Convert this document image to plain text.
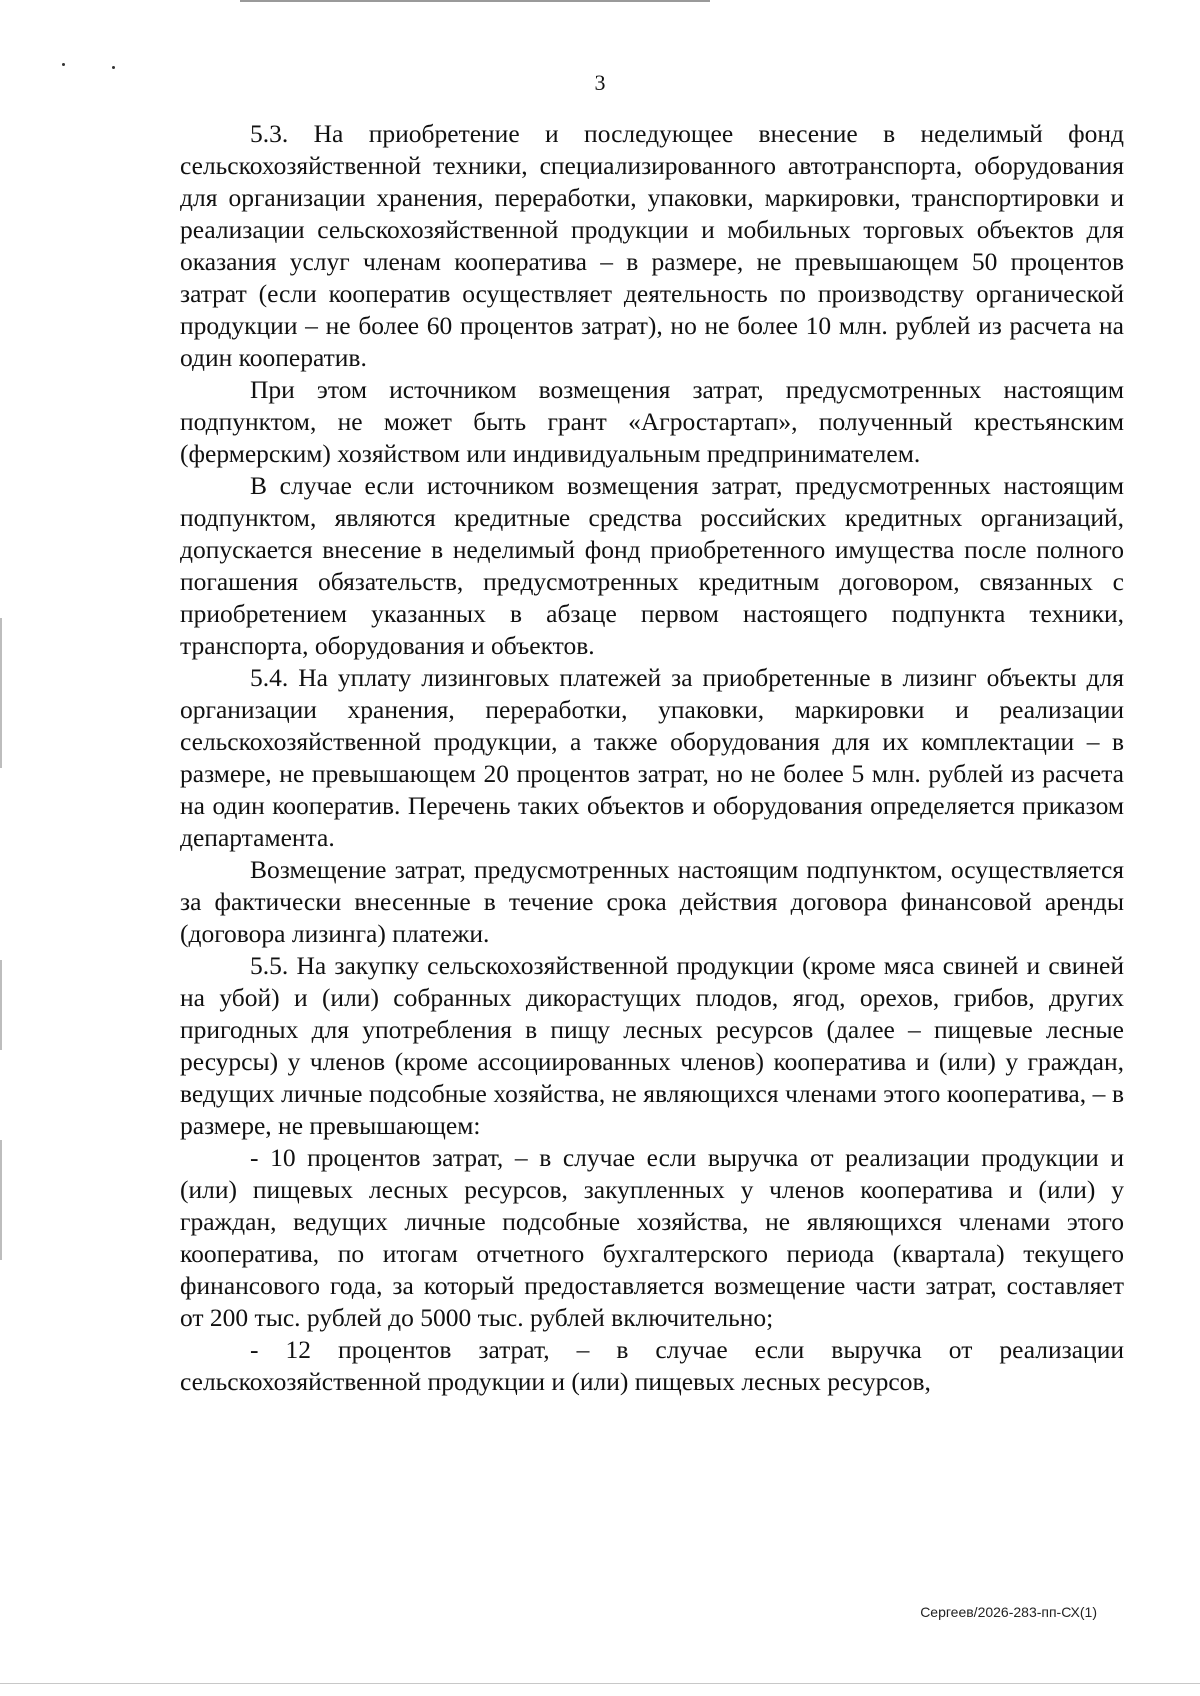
3

5.3. На приобретение и последующее внесение в неделимый фонд сельскохозяйственной техники, специализированного автотранспорта, оборудования для организации хранения, переработки, упаковки, маркировки, транспортировки и реализации сельскохозяйственной продукции и мобильных торговых объектов для оказания услуг членам кооператива – в размере, не превышающем 50 процентов затрат (если кооператив осуществляет деятельность по производству органической продукции – не более 60 процентов затрат), но не более 10 млн. рублей из расчета на один кооператив.

При этом источником возмещения затрат, предусмотренных настоящим подпунктом, не может быть грант «Агростартап», полученный крестьянским (фермерским) хозяйством или индивидуальным предпринимателем.

В случае если источником возмещения затрат, предусмотренных настоящим подпунктом, являются кредитные средства российских кредитных организаций, допускается внесение в неделимый фонд приобретенного имущества после полного погашения обязательств, предусмотренных кредитным договором, связанных с приобретением указанных в абзаце первом настоящего подпункта техники, транспорта, оборудования и объектов.

5.4. На уплату лизинговых платежей за приобретенные в лизинг объекты для организации хранения, переработки, упаковки, маркировки и реализации сельскохозяйственной продукции, а также оборудования для их комплектации – в размере, не превышающем 20 процентов затрат, но не более 5 млн. рублей из расчета на один кооператив. Перечень таких объектов и оборудования определяется приказом департамента.

Возмещение затрат, предусмотренных настоящим подпунктом, осуществляется за фактически внесенные в течение срока действия договора финансовой аренды (договора лизинга) платежи.

5.5. На закупку сельскохозяйственной продукции (кроме мяса свиней и свиней на убой) и (или) собранных дикорастущих плодов, ягод, орехов, грибов, других пригодных для употребления в пищу лесных ресурсов (далее – пищевые лесные ресурсы) у членов (кроме ассоциированных членов) кооператива и (или) у граждан, ведущих личные подсобные хозяйства, не являющихся членами этого кооператива, – в размере, не превышающем:

- 10 процентов затрат, – в случае если выручка от реализации продукции и (или) пищевых лесных ресурсов, закупленных у членов кооператива и (или) у граждан, ведущих личные подсобные хозяйства, не являющихся членами этого кооператива, по итогам отчетного бухгалтерского периода (квартала) текущего финансового года, за который предоставляется возмещение части затрат, составляет от 200 тыс. рублей до 5000 тыс. рублей включительно;

- 12 процентов затрат, – в случае если выручка от реализации сельскохозяйственной продукции и (или) пищевых лесных ресурсов,

Сергеев/2026-283-пп-СХ(1)
